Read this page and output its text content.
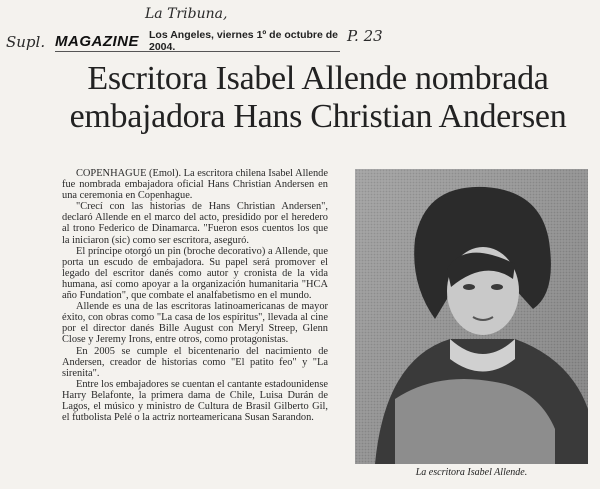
La Tribuna,
Supl.	P. 23
MAGAZINE Los Angeles, viernes 1º de octubre de 2004.
Escritora Isabel Allende nombrada embajadora Hans Christian Andersen

COPENHAGUE (Emol). La escritora chilena Isabel Allende fue nombrada embajadora oficial Hans Christian Andersen en una ceremonia en Copenhague.

"Crecí con las historias de Hans Christian Andersen", declaró Allende en el marco del acto, presidido por el heredero al trono Federico de Dinamarca. "Fueron esos cuentos los que la iniciaron (sic) como ser escritora, aseguró.

El príncipe otorgó un pin (broche decorativo) a Allende, que porta un escudo de embajadora. Su papel será promover el legado del escritor danés como autor y cronista de la vida humana, así como apoyar a la organización humanitaria "HCA año Fundation", que combate el analfabetismo en el mundo.

Allende es una de las escritoras latinoamericanas de mayor éxito, con obras como "La casa de los espíritus", llevada al cine por el director danés Bille August con Meryl Streep, Glenn Close y Jeremy Irons, entre otros, como protagonistas.

En 2005 se cumple el bicentenario del nacimiento de Andersen, creador de historias como "El patito feo" y "La sirenita".

Entre los embajadores se cuentan el cantante estadounidense Harry Belafonte, la primera dama de Chile, Luisa Durán de Lagos, el músico y ministro de Cultura de Brasil Gilberto Gil, el futbolista Pelé o la actriz norteamericana Susan Sarandon.

La escritora Isabel Allende.
